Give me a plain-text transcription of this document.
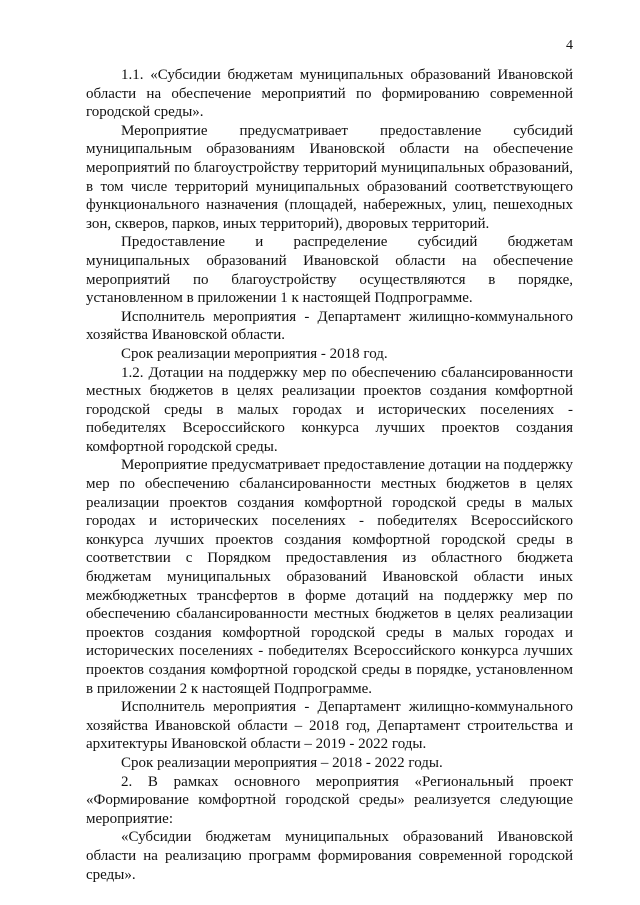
4

1.1. «Субсидии бюджетам муниципальных образований Ивановской области на обеспечение мероприятий по формированию современной городской среды».

Мероприятие предусматривает предоставление субсидий муниципальным образованиям Ивановской области на обеспечение мероприятий по благоустройству территорий муниципальных образований, в том числе территорий муниципальных образований соответствующего функционального назначения (площадей, набережных, улиц, пешеходных зон, скверов, парков, иных территорий), дворовых территорий.

Предоставление и распределение субсидий бюджетам муниципальных образований Ивановской области на обеспечение мероприятий по благоустройству осуществляются в порядке, установленном в приложении 1 к настоящей Подпрограмме.

Исполнитель мероприятия - Департамент жилищно-коммунального хозяйства Ивановской области.

Срок реализации мероприятия - 2018 год.

1.2. Дотации на поддержку мер по обеспечению сбалансированности местных бюджетов в целях реализации проектов создания комфортной городской среды в малых городах и исторических поселениях - победителях Всероссийского конкурса лучших проектов создания комфортной городской среды.

Мероприятие предусматривает предоставление дотации на поддержку мер по обеспечению сбалансированности местных бюджетов в целях реализации проектов создания комфортной городской среды в малых городах и исторических поселениях - победителях Всероссийского конкурса лучших проектов создания комфортной городской среды в соответствии с Порядком предоставления из областного бюджета бюджетам муниципальных образований Ивановской области иных межбюджетных трансфертов в форме дотаций на поддержку мер по обеспечению сбалансированности местных бюджетов в целях реализации проектов создания комфортной городской среды в малых городах и исторических поселениях - победителях Всероссийского конкурса лучших проектов создания комфортной городской среды в порядке, установленном в приложении 2 к настоящей Подпрограмме.

Исполнитель мероприятия - Департамент жилищно-коммунального хозяйства Ивановской области – 2018 год, Департамент строительства и архитектуры Ивановской области – 2019 - 2022 годы.

Срок реализации мероприятия – 2018 - 2022 годы.

2. В рамках основного мероприятия «Региональный проект «Формирование комфортной городской среды» реализуется следующие мероприятие:

«Субсидии бюджетам муниципальных образований Ивановской области на реализацию программ формирования современной городской среды».
